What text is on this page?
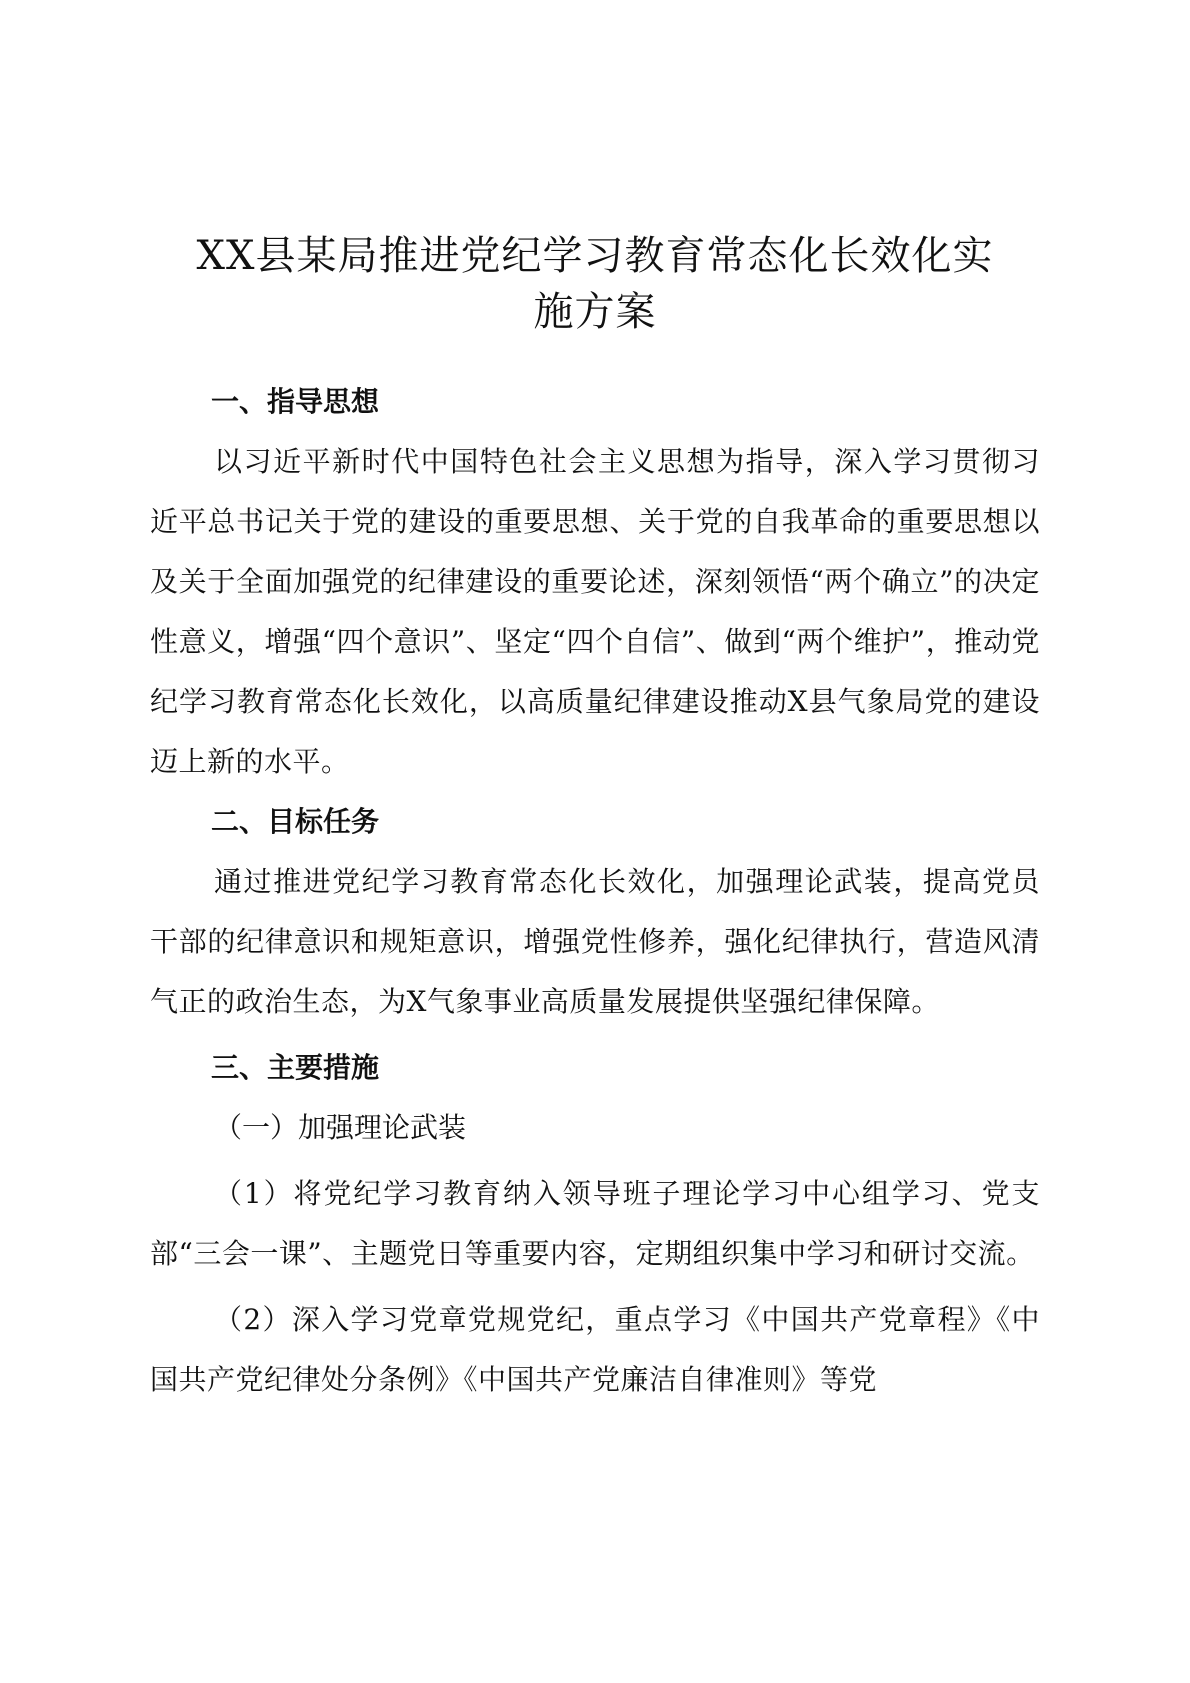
XX县某局推进党纪学习教育常态化长效化实
施方案
一、指导思想

以习近平新时代中国特色社会主义思想为指导，深入学习贯彻习近平总书记关于党的建设的重要思想、关于党的自我革命的重要思想以及关于全面加强党的纪律建设的重要论述，深刻领悟“两个确立”的决定性意义，增强“四个意识”、坚定“四个自信”、做到“两个维护”，推动党纪学习教育常态化长效化，以高质量纪律建设推动X县气象局党的建设迈上新的水平。

二、目标任务

通过推进党纪学习教育常态化长效化，加强理论武装，提高党员干部的纪律意识和规矩意识，增强党性修养，强化纪律执行，营造风清气正的政治生态，为X气象事业高质量发展提供坚强纪律保障。

三、主要措施
（一）加强理论武装

（1）将党纪学习教育纳入领导班子理论学习中心组学习、党支部“三会一课”、主题党日等重要内容，定期组织集中学习和研讨交流。

（2）深入学习党章党规党纪，重点学习《中国共产党章程》《中国共产党纪律处分条例》《中国共产党廉洁自律准则》等党
